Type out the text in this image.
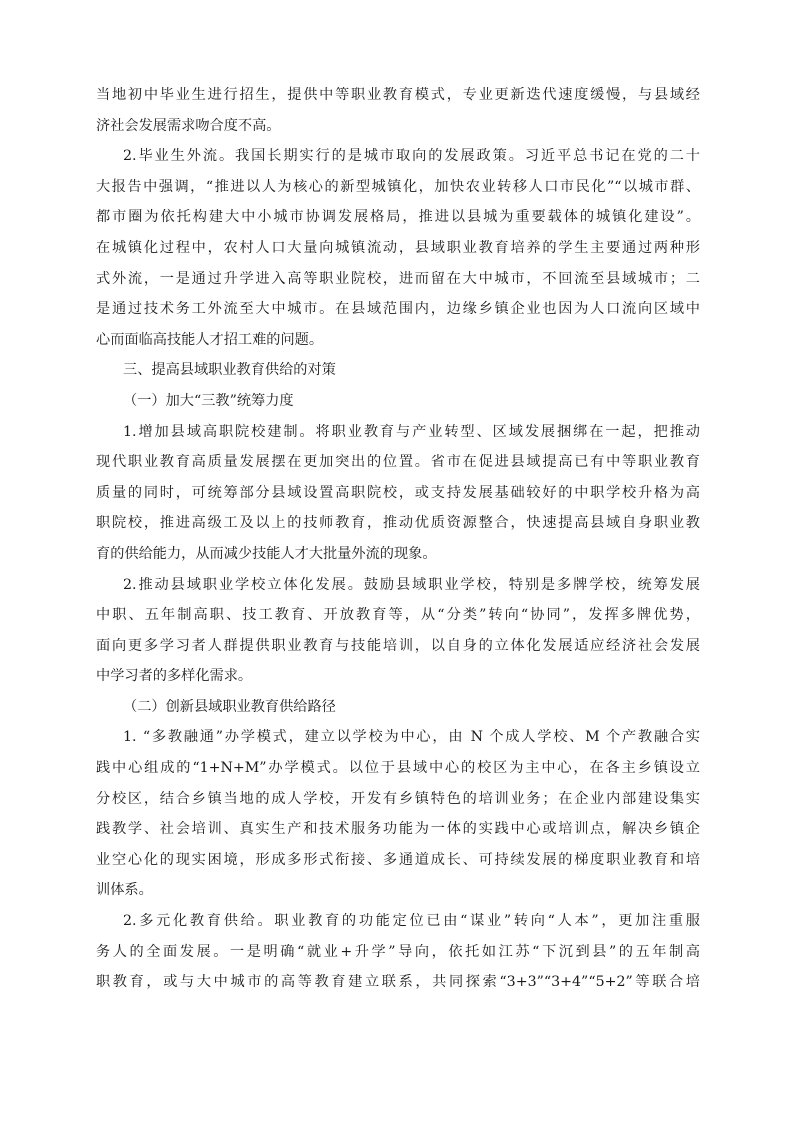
当地初中毕业生进行招生，提供中等职业教育模式，专业更新迭代速度缓慢，与县域经
济社会发展需求吻合度不高。
2.毕业生外流。我国长期实行的是城市取向的发展政策。习近平总书记在党的二十
大报告中强调，“推进以人为核心的新型城镇化，加快农业转移人口市民化”“以城市群、
都市圈为依托构建大中小城市协调发展格局，推进以县城为重要载体的城镇化建设”。
在城镇化过程中，农村人口大量向城镇流动，县域职业教育培养的学生主要通过两种形
式外流，一是通过升学进入高等职业院校，进而留在大中城市，不回流至县域城市；二
是通过技术务工外流至大中城市。在县域范围内，边缘乡镇企业也因为人口流向区域中
心而面临高技能人才招工难的问题。
三、提高县域职业教育供给的对策
（一）加大“三教”统筹力度
1.增加县域高职院校建制。将职业教育与产业转型、区域发展捆绑在一起，把推动
现代职业教育高质量发展摆在更加突出的位置。省市在促进县域提高已有中等职业教育
质量的同时，可统筹部分县域设置高职院校，或支持发展基础较好的中职学校升格为高
职院校，推进高级工及以上的技师教育，推动优质资源整合，快速提高县域自身职业教
育的供给能力，从而减少技能人才大批量外流的现象。
2.推动县域职业学校立体化发展。鼓励县域职业学校，特别是多牌学校，统筹发展
中职、五年制高职、技工教育、开放教育等，从“分类”转向“协同”，发挥多牌优势，
面向更多学习者人群提供职业教育与技能培训，以自身的立体化发展适应经济社会发展
中学习者的多样化需求。
（二）创新县域职业教育供给路径
1. “多教融通”办学模式，建立以学校为中心，由 N 个成人学校、M 个产教融合实
践中心组成的“1+N+M”办学模式。以位于县域中心的校区为主中心，在各主乡镇设立
分校区，结合乡镇当地的成人学校，开发有乡镇特色的培训业务；在企业内部建设集实
践教学、社会培训、真实生产和技术服务功能为一体的实践中心或培训点，解决乡镇企
业空心化的现实困境，形成多形式衔接、多通道成长、可持续发展的梯度职业教育和培
训体系。
2.多元化教育供给。职业教育的功能定位已由“谋业”转向“人本”，更加注重服
务人的全面发展。一是明确“就业+升学”导向，依托如江苏“下沉到县”的五年制高
职教育，或与大中城市的高等教育建立联系，共同探索“3+3”“3+4”“5+2”等联合培
